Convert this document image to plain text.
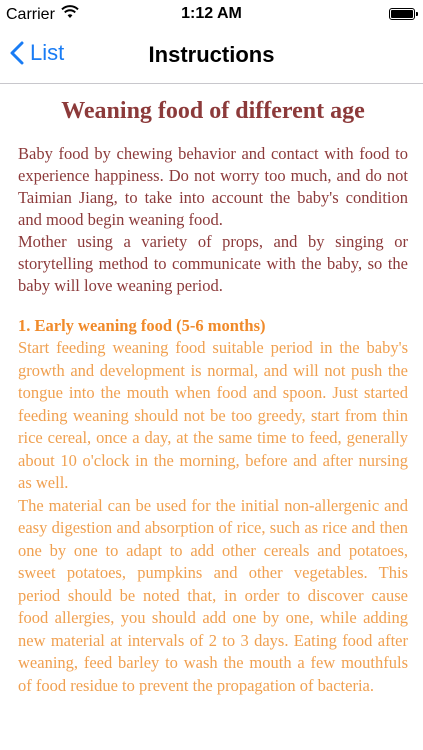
Carrier	1:12 AM
List	Instructions
Weaning food of different age

Baby food by chewing behavior and contact with food to experience happiness. Do not worry too much, and do not Taimian Jiang, to take into account the baby's condition and mood begin weaning food.

Mother using a variety of props, and by singing or storytelling method to communicate with the baby, so the baby will love weaning period.

1. Early weaning food (5-6 months)

Start feeding weaning food suitable period in the baby's growth and development is normal, and will not push the tongue into the mouth when food and spoon. Just started feeding weaning should not be too greedy, start from thin rice cereal, once a day, at the same time to feed, generally about 10 o'clock in the morning, before and after nursing as well.

The material can be used for the initial non-allergenic and easy digestion and absorption of rice, such as rice and then one by one to adapt to add other cereals and potatoes, sweet potatoes, pumpkins and other vegetables. This period should be noted that, in order to discover cause food allergies, you should add one by one, while adding new material at intervals of 2 to 3 days. Eating food after weaning, feed barley to wash the mouth a few mouthfuls of food residue to prevent the propagation of bacteria.
